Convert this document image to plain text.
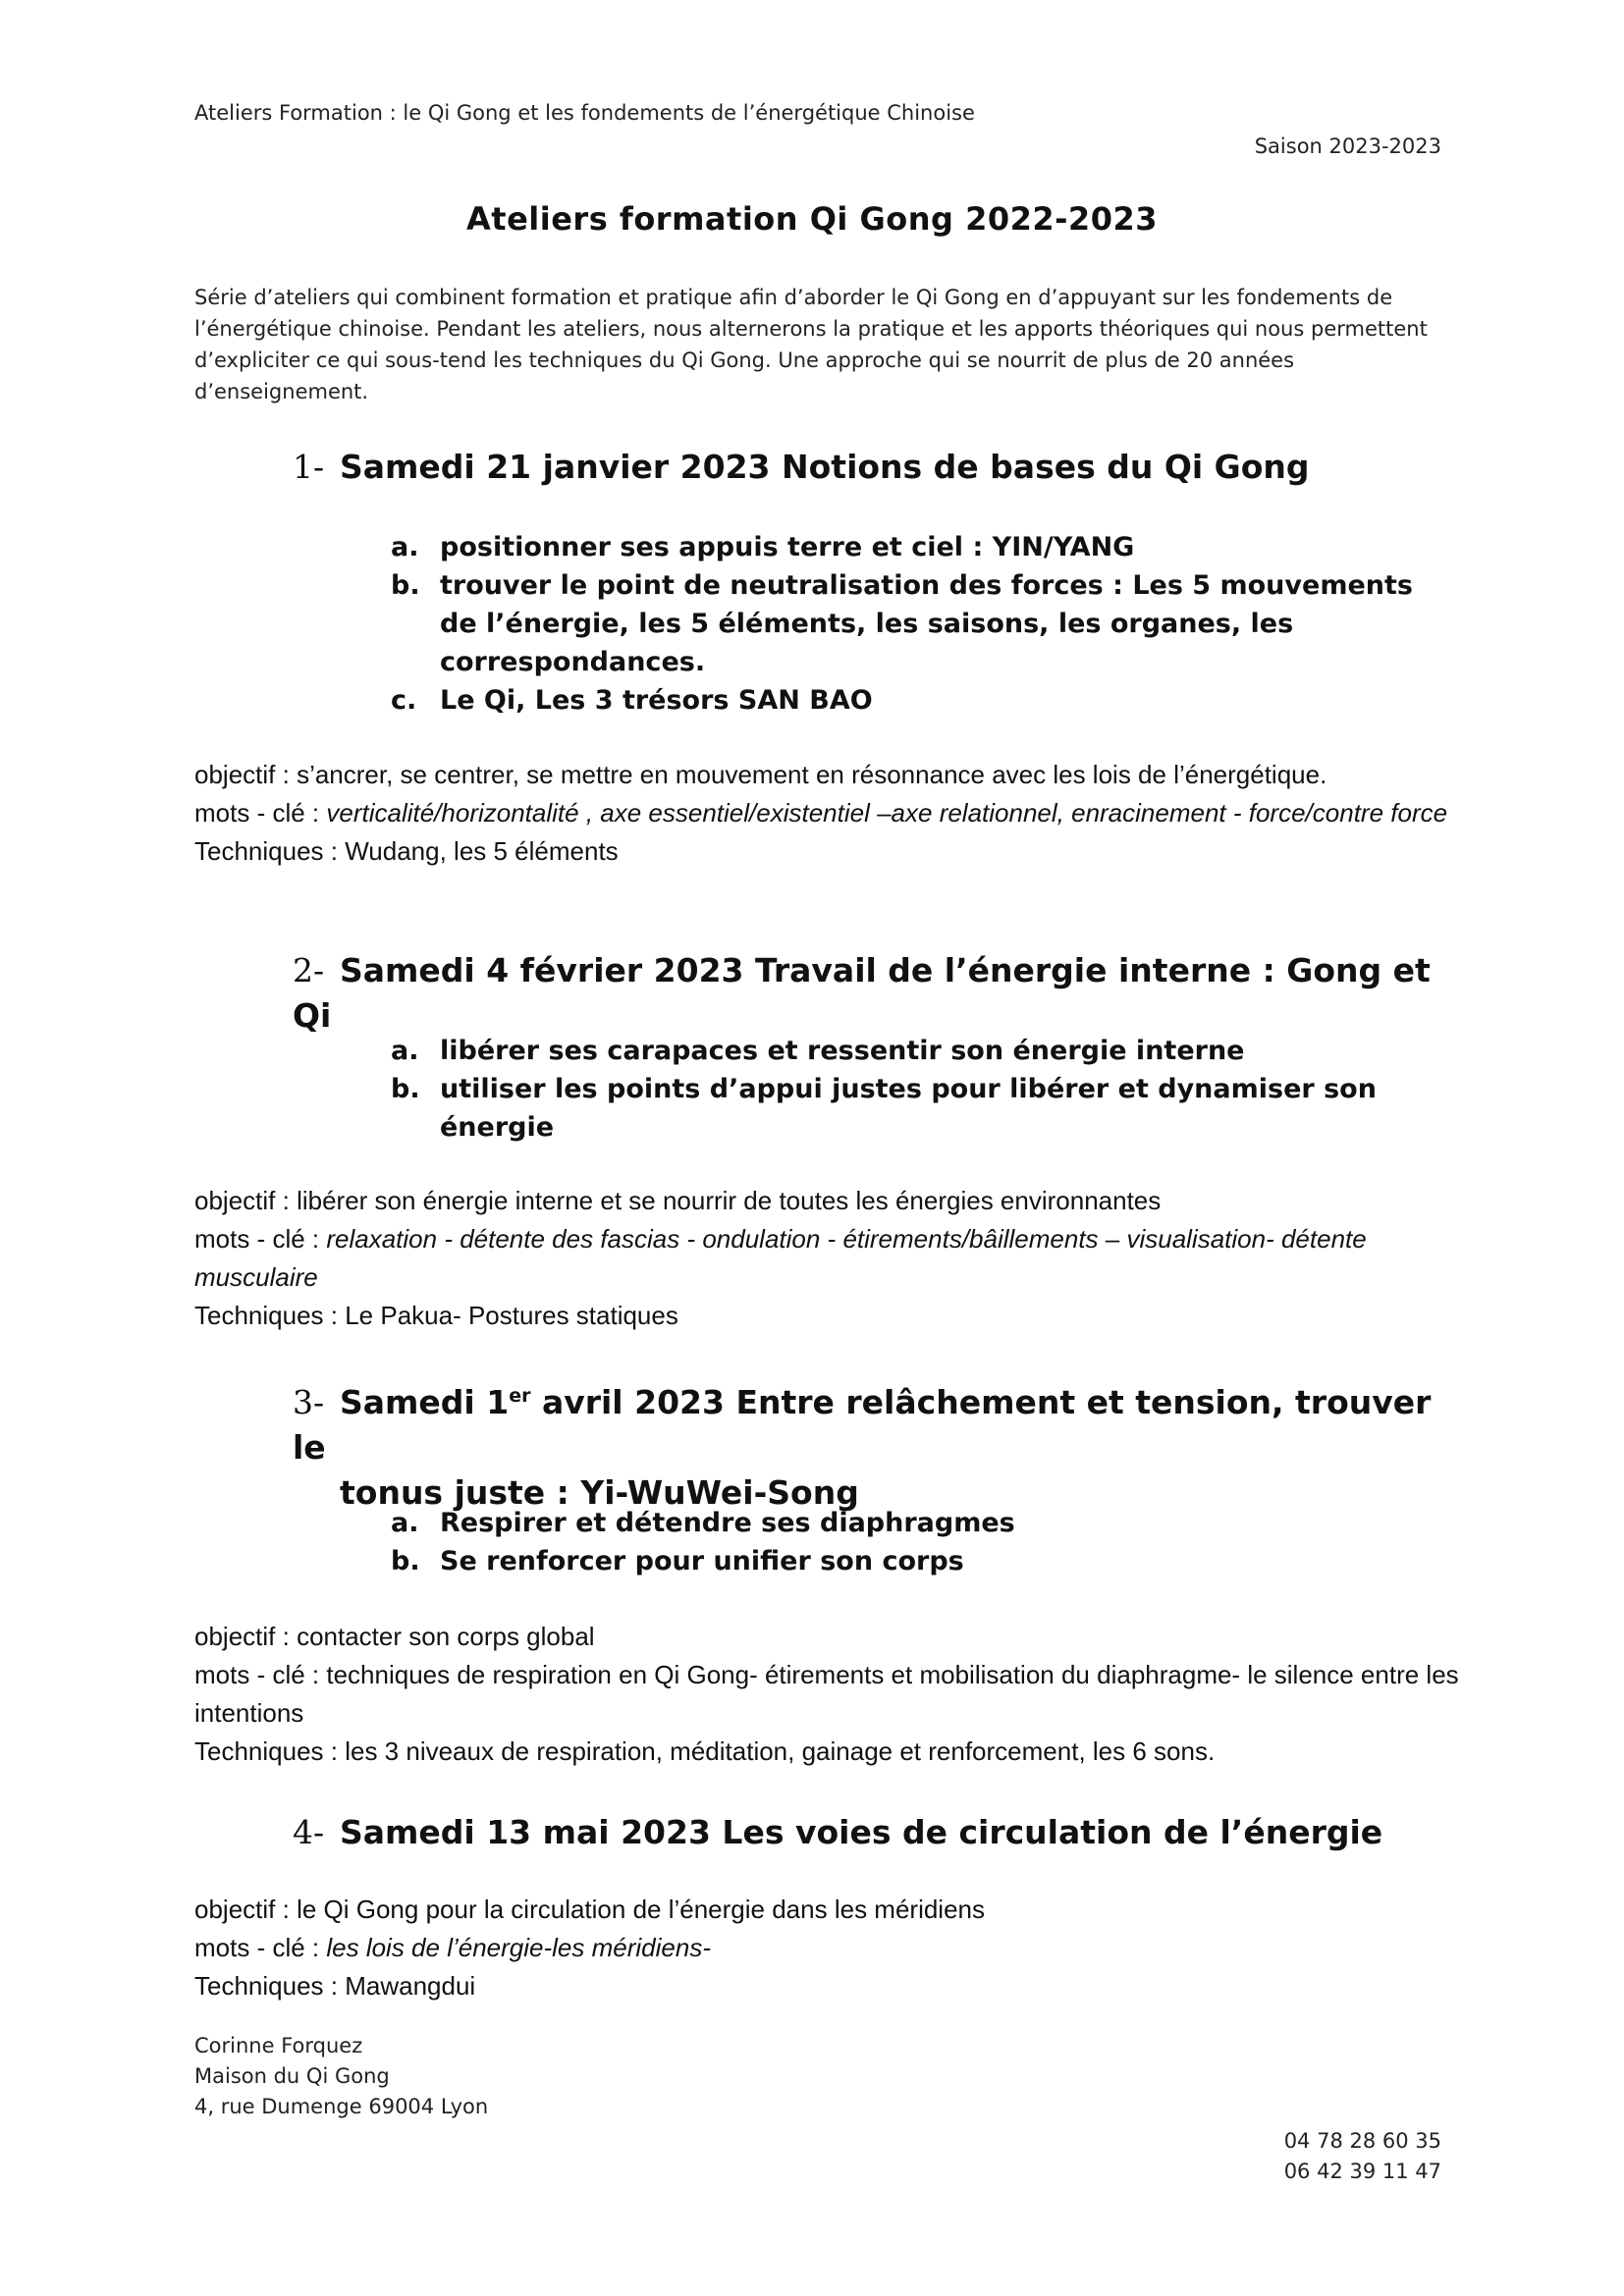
Ateliers Formation : le Qi Gong et les fondements de l’énergétique Chinoise
Saison 2023-2023
Ateliers formation Qi Gong 2022-2023
Série d’ateliers qui combinent formation et pratique afin d’aborder le Qi Gong en d’appuyant sur les fondements de l’énergétique chinoise. Pendant les ateliers, nous alternerons la pratique et les apports théoriques qui nous permettent d’expliciter ce qui sous-tend les techniques du Qi Gong. Une approche qui se nourrit de plus de 20 années d’enseignement.
1- Samedi 21 janvier 2023 Notions de bases du Qi Gong
a. positionner ses appuis terre et ciel : YIN/YANG
b. trouver le point de neutralisation des forces : Les 5 mouvements de l’énergie, les 5 éléments, les saisons, les organes, les correspondances.
c. Le Qi, Les 3 trésors SAN BAO
objectif : s’ancrer, se centrer, se mettre en mouvement en résonnance avec les lois de l’énergétique.
mots - clé : verticalité/horizontalité , axe essentiel/existentiel –axe relationnel, enracinement - force/contre force
Techniques : Wudang, les 5 éléments
2- Samedi 4 février 2023 Travail de l’énergie interne : Gong et Qi
a. libérer ses carapaces et ressentir son énergie interne
b. utiliser les points d’appui justes pour libérer et dynamiser son énergie
objectif : libérer son énergie interne et se nourrir de toutes les énergies environnantes
mots - clé : relaxation - détente des fascias - ondulation - étirements/bâillements – visualisation- détente musculaire
Techniques : Le Pakua- Postures statiques
3- Samedi 1er avril 2023 Entre relâchement et tension, trouver le
tonus juste : Yi-WuWei-Song
a. Respirer et détendre ses diaphragmes
b. Se renforcer pour unifier son corps
objectif : contacter son corps global
mots - clé : techniques de respiration en Qi Gong- étirements et mobilisation du diaphragme- le silence entre les intentions
Techniques : les 3 niveaux de respiration, méditation, gainage et renforcement, les 6 sons.
4- Samedi 13 mai 2023 Les voies de circulation de l’énergie
objectif : le Qi Gong pour la circulation de l’énergie dans les méridiens
mots - clé : les lois de l’énergie-les méridiens-
Techniques : Mawangdui
Corinne Forquez
Maison du Qi Gong
4, rue Dumenge 69004 Lyon
04 78 28 60 35
06 42 39 11 47
